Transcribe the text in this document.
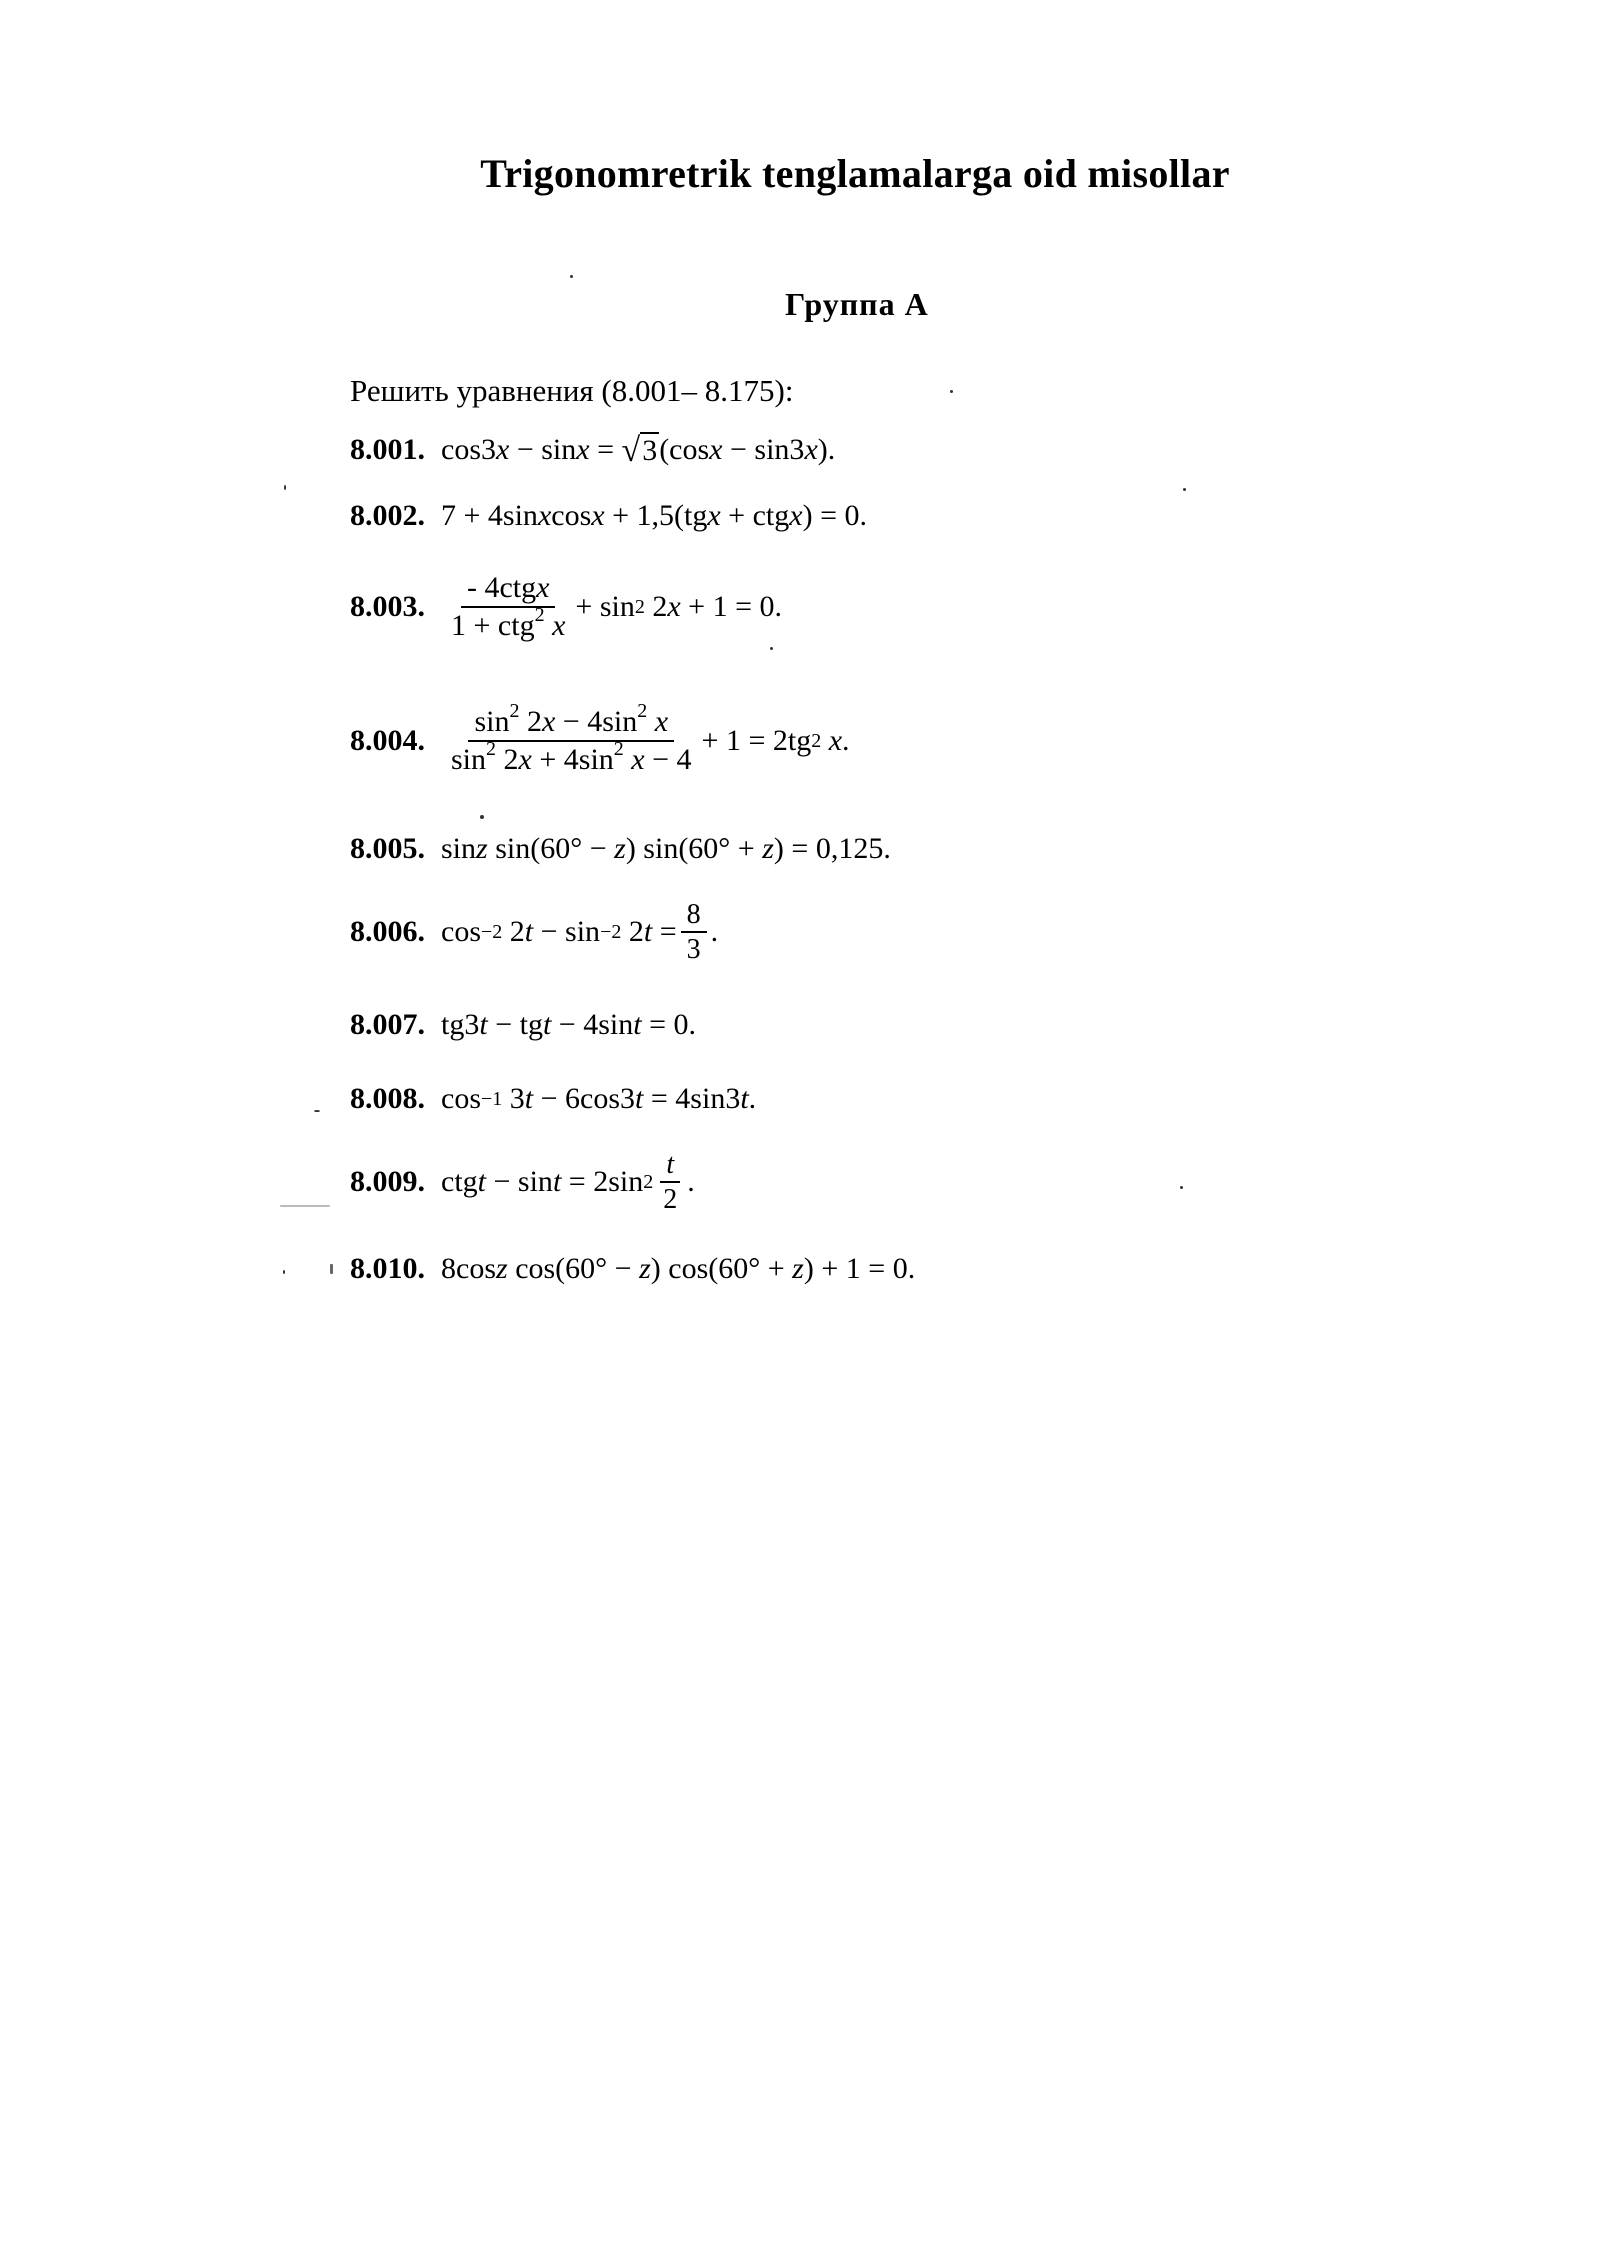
Trigonomretrik tenglamalarga oid misollar
Группа А
Решить уравнения (8.001– 8.175):
8.001. cos3 x − sin x = √ 3 (cos x − sin3 x ).
8.002. 7 + 4sin x cos x + 1,5(tg x + ctg x ) = 0.
8.003. $\frac{\text{- 4ctgx}}{1 + ctg^2 x} + \sin 2$ 2 x + 1 = 0.
8.004. $\frac{\sin^2 2x - 4\sin^2 x}{\sin^2 2x + 4\sin^2 x - 4} + 1 = 2tg$ 2
x .
8.005. sin z sin(60° − z ) sin(60° + z ) = 0,125.
8.006. cos −2 2 t − sin −2 2 $t = \frac{8}{3}$ .
8.007. tg3 t − tg t − 4sin t = 0.
8.008. cos −1 3 t − 6cos3 t = 4sin3 t .
8.009. ctg t − sin t = 2sin $2 \frac{t}{2}$ .
8.010. 8cos z cos(60° − z ) cos(60° + z ) + 1 = 0.
